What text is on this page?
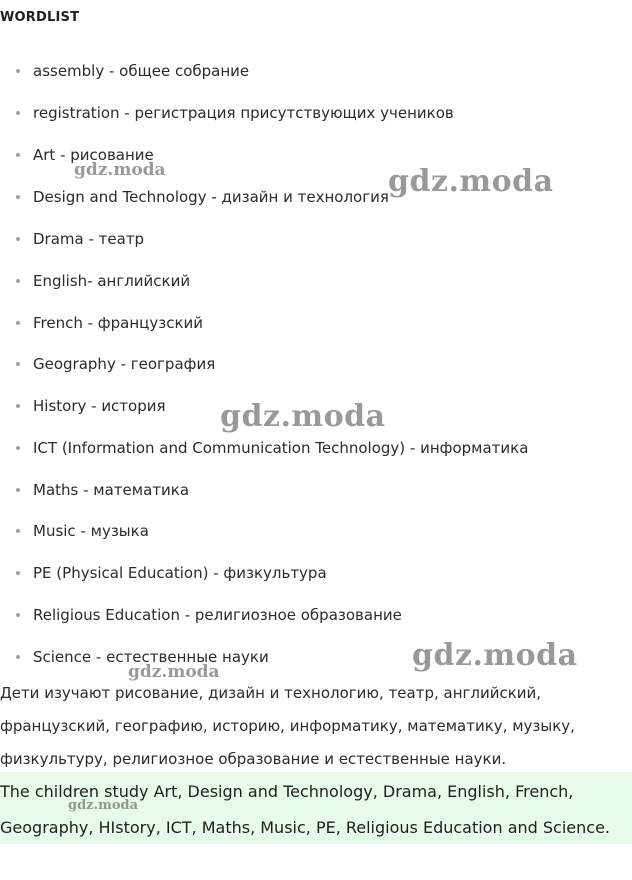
WORDLIST
assembly - общее собрание
registration - регистрация присутствующих учеников
Art - рисование
Design and Technology - дизайн и технология
Drama - театр
English- английский
French - французский
Geography - география
History - история
ICT (Information and Communication Technology) - информатика
Maths - математика
Music - музыка
PE (Physical Education) - физкультура
Religious Education - религиозное образование
Science - естественные науки
Дети изучают рисование, дизайн и технологию, театр, английский, французский, географию, историю, информатику, математику, музыку, физкультуру, религиозное образование и естественные науки.
The children study Art, Design and Technology, Drama, English, French, Geography, HIstory, ICT, Maths, Music, PE, Religious Education and Science.
gdz.moda	gdz.moda
gdz.moda
gdz.moda
gdz.moda
gdz.moda
